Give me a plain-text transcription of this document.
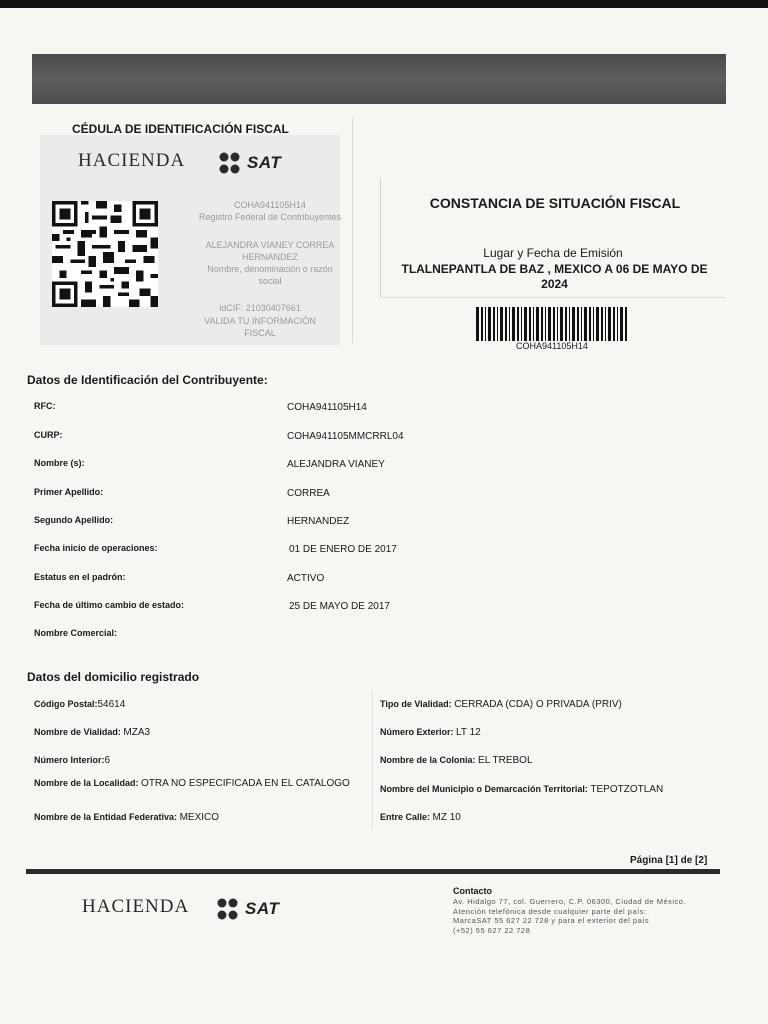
CÉDULA DE IDENTIFICACIÓN FISCAL
HACIENDA	SAT
COHA941105H14
Registro Federal de Contribuyentes
ALEJANDRA VIANEY CORREA
HERNANDEZ
Nombre, denominación o razón
social
idCIF: 21030407661
VALIDA TU INFORMACIÓN
FISCAL
CONSTANCIA DE SITUACIÓN FISCAL
Lugar y Fecha de Emisión
TLALNEPANTLA DE BAZ , MEXICO A 06 DE MAYO DE
2024
COHA941105H14
Datos de Identificación del Contribuyente:
RFC:	COHA941105H14
CURP:	COHA941105MMCRRL04
Nombre (s):	ALEJANDRA VIANEY
Primer Apellido:	CORREA
Segundo Apellido:	HERNANDEZ
Fecha inicio de operaciones:	01 DE ENERO DE 2017
Estatus en el padrón:	ACTIVO
Fecha de último cambio de estado:	25 DE MAYO DE 2017
Nombre Comercial:
Datos del domicilio registrado
Código Postal:54614	Tipo de Vialidad: CERRADA (CDA) O PRIVADA (PRIV)
Nombre de Vialidad: MZA3	Número Exterior: LT 12
Número Interior:6	Nombre de la Colonia: EL TREBOL
Nombre de la Localidad: OTRA NO ESPECIFICADA EN EL CATALOGO	Nombre del Municipio o Demarcación Territorial: TEPOTZOTLAN
Nombre de la Entidad Federativa: MEXICO	Entre Calle: MZ 10
Página [1] de [2]
HACIENDA	SAT
Contacto
Av. Hidalgo 77, col. Guerrero, C.P. 06300, Ciudad de México.
Atención telefónica desde cualquier parte del país:
MarcaSAT 55 627 22 728 y para el exterior del país
(+52) 55 627 22 728
